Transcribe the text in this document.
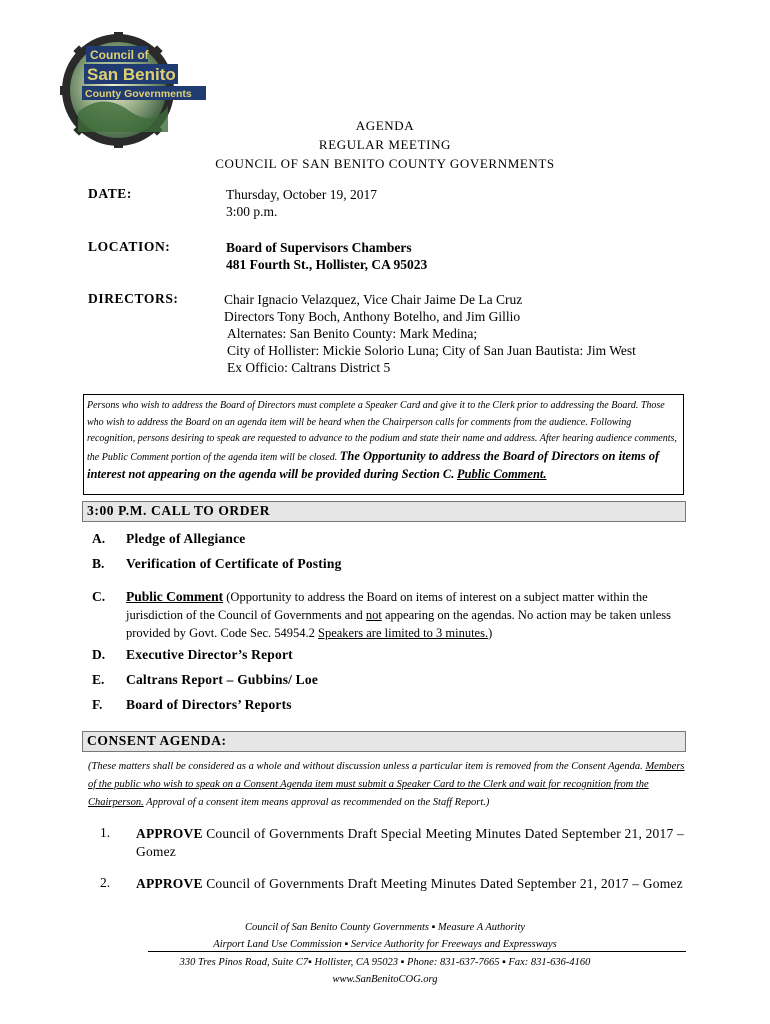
Council of
San Benito
County Governments
AGENDA
REGULAR MEETING
COUNCIL OF SAN BENITO COUNTY GOVERNMENTS
DATE:	Thursday, October 19, 2017
3:00 p.m.
LOCATION:	Board of Supervisors Chambers
481 Fourth St., Hollister, CA 95023
DIRECTORS:	Chair Ignacio Velazquez, Vice Chair Jaime De La Cruz
Directors Tony Boch, Anthony Botelho, and Jim Gillio
Alternates: San Benito County: Mark Medina;
City of Hollister: Mickie Solorio Luna; City of San Juan Bautista: Jim West
Ex Officio: Caltrans District 5
Persons who wish to address the Board of Directors must complete a Speaker Card and give it to the Clerk prior to addressing the Board. Those who wish to address the Board on an agenda item will be heard when the Chairperson calls for comments from the audience. Following recognition, persons desiring to speak are requested to advance to the podium and state their name and address. After hearing audience comments, the Public Comment portion of the agenda item will be closed. The Opportunity to address the Board of Directors on items of interest not appearing on the agenda will be provided during Section C. Public Comment.
3:00 P.M. CALL TO ORDER
A. Pledge of Allegiance
B. Verification of Certificate of Posting
C. Public Comment (Opportunity to address the Board on items of interest on a subject matter within the jurisdiction of the Council of Governments and not appearing on the agendas. No action may be taken unless provided by Govt. Code Sec. 54954.2 Speakers are limited to 3 minutes.)
D. Executive Director’s Report
E. Caltrans Report – Gubbins/ Loe
F. Board of Directors’ Reports
CONSENT AGENDA:
(These matters shall be considered as a whole and without discussion unless a particular item is removed from the Consent Agenda. Members of the public who wish to speak on a Consent Agenda item must submit a Speaker Card to the Clerk and wait for recognition from the Chairperson. Approval of a consent item means approval as recommended on the Staff Report.)
1. APPROVE Council of Governments Draft Special Meeting Minutes Dated September 21, 2017 – Gomez
2. APPROVE Council of Governments Draft Meeting Minutes Dated September 21, 2017 – Gomez
Council of San Benito County Governments ▪ Measure A Authority
Airport Land Use Commission ▪ Service Authority for Freeways and Expressways
330 Tres Pinos Road, Suite C7▪ Hollister, CA 95023 ▪ Phone: 831-637-7665 ▪ Fax: 831-636-4160
www.SanBenitoCOG.org
